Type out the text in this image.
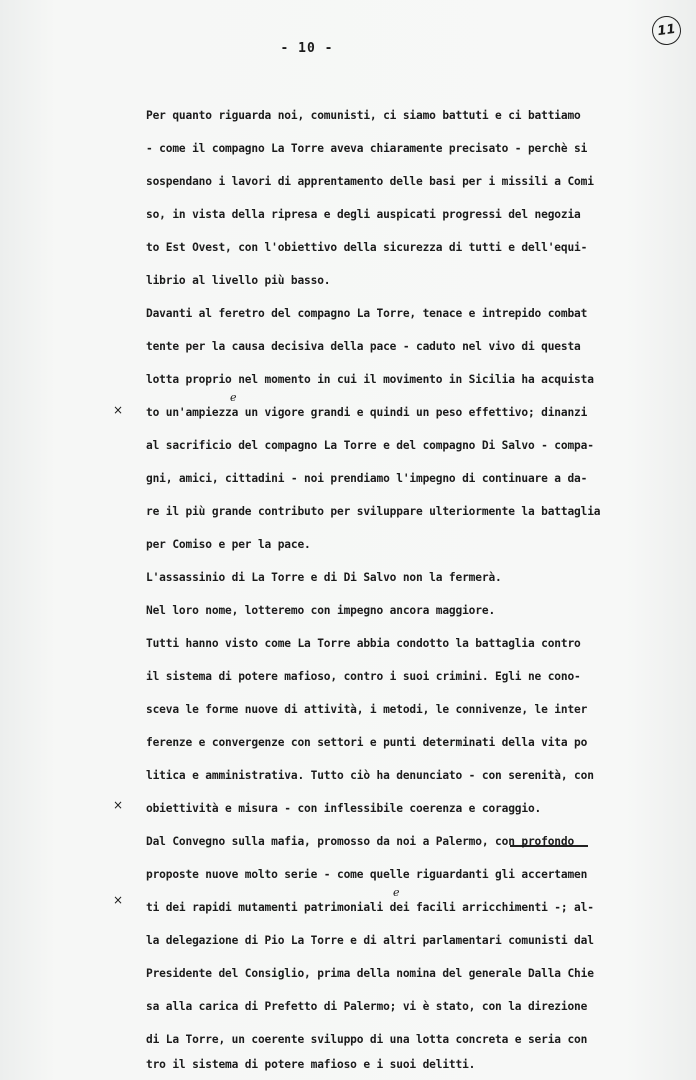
- 10 -
11
×
×
×
e
e

Per quanto riguarda noi, comunisti, ci siamo battuti e ci battiamo

- come il compagno La Torre aveva chiaramente precisato - perchè si

sospendano i lavori di apprentamento delle basi per i missili a Comi

so, in vista della ripresa e degli auspicati progressi del negozia

to Est Ovest, con l'obiettivo della sicurezza di tutti e dell'equi-

librio al livello più basso.

Davanti al feretro del compagno La Torre, tenace e intrepido combat

tente per la causa decisiva della pace - caduto nel vivo di questa

lotta proprio nel momento in cui il movimento in Sicilia ha acquista

to un'ampiezza un vigore grandi e quindi un peso effettivo; dinanzi

al sacrificio del compagno La Torre e del compagno Di Salvo - compa-

gni, amici, cittadini - noi prendiamo l'impegno di continuare a da-

re il più grande contributo per sviluppare ulteriormente la battaglia

per Comiso e per la pace.

L'assassinio di La Torre e di Di Salvo non la fermerà.

Nel loro nome, lotteremo con impegno ancora maggiore.

Tutti hanno visto come La Torre abbia condotto la battaglia contro

il sistema di potere mafioso, contro i suoi crimini. Egli ne cono-

sceva le forme nuove di attività, i metodi, le connivenze, le inter

ferenze e convergenze con settori e punti determinati della vita po

litica e amministrativa. Tutto ciò ha denunciato - con serenità, con

obiettività e misura - con inflessibile coerenza e coraggio.

Dal Convegno sulla mafia, promosso da noi a Palermo, con profondo

proposte nuove molto serie - come quelle riguardanti gli accertamen

ti dei rapidi mutamenti patrimoniali dei facili arricchimenti -; al-

la delegazione di Pio La Torre e di altri parlamentari comunisti dal

Presidente del Consiglio, prima della nomina del generale Dalla Chie

sa alla carica di Prefetto di Palermo; vi è stato, con la direzione

di La Torre, un coerente sviluppo di una lotta concreta e seria con

tro il sistema di potere mafioso e i suoi delitti.
